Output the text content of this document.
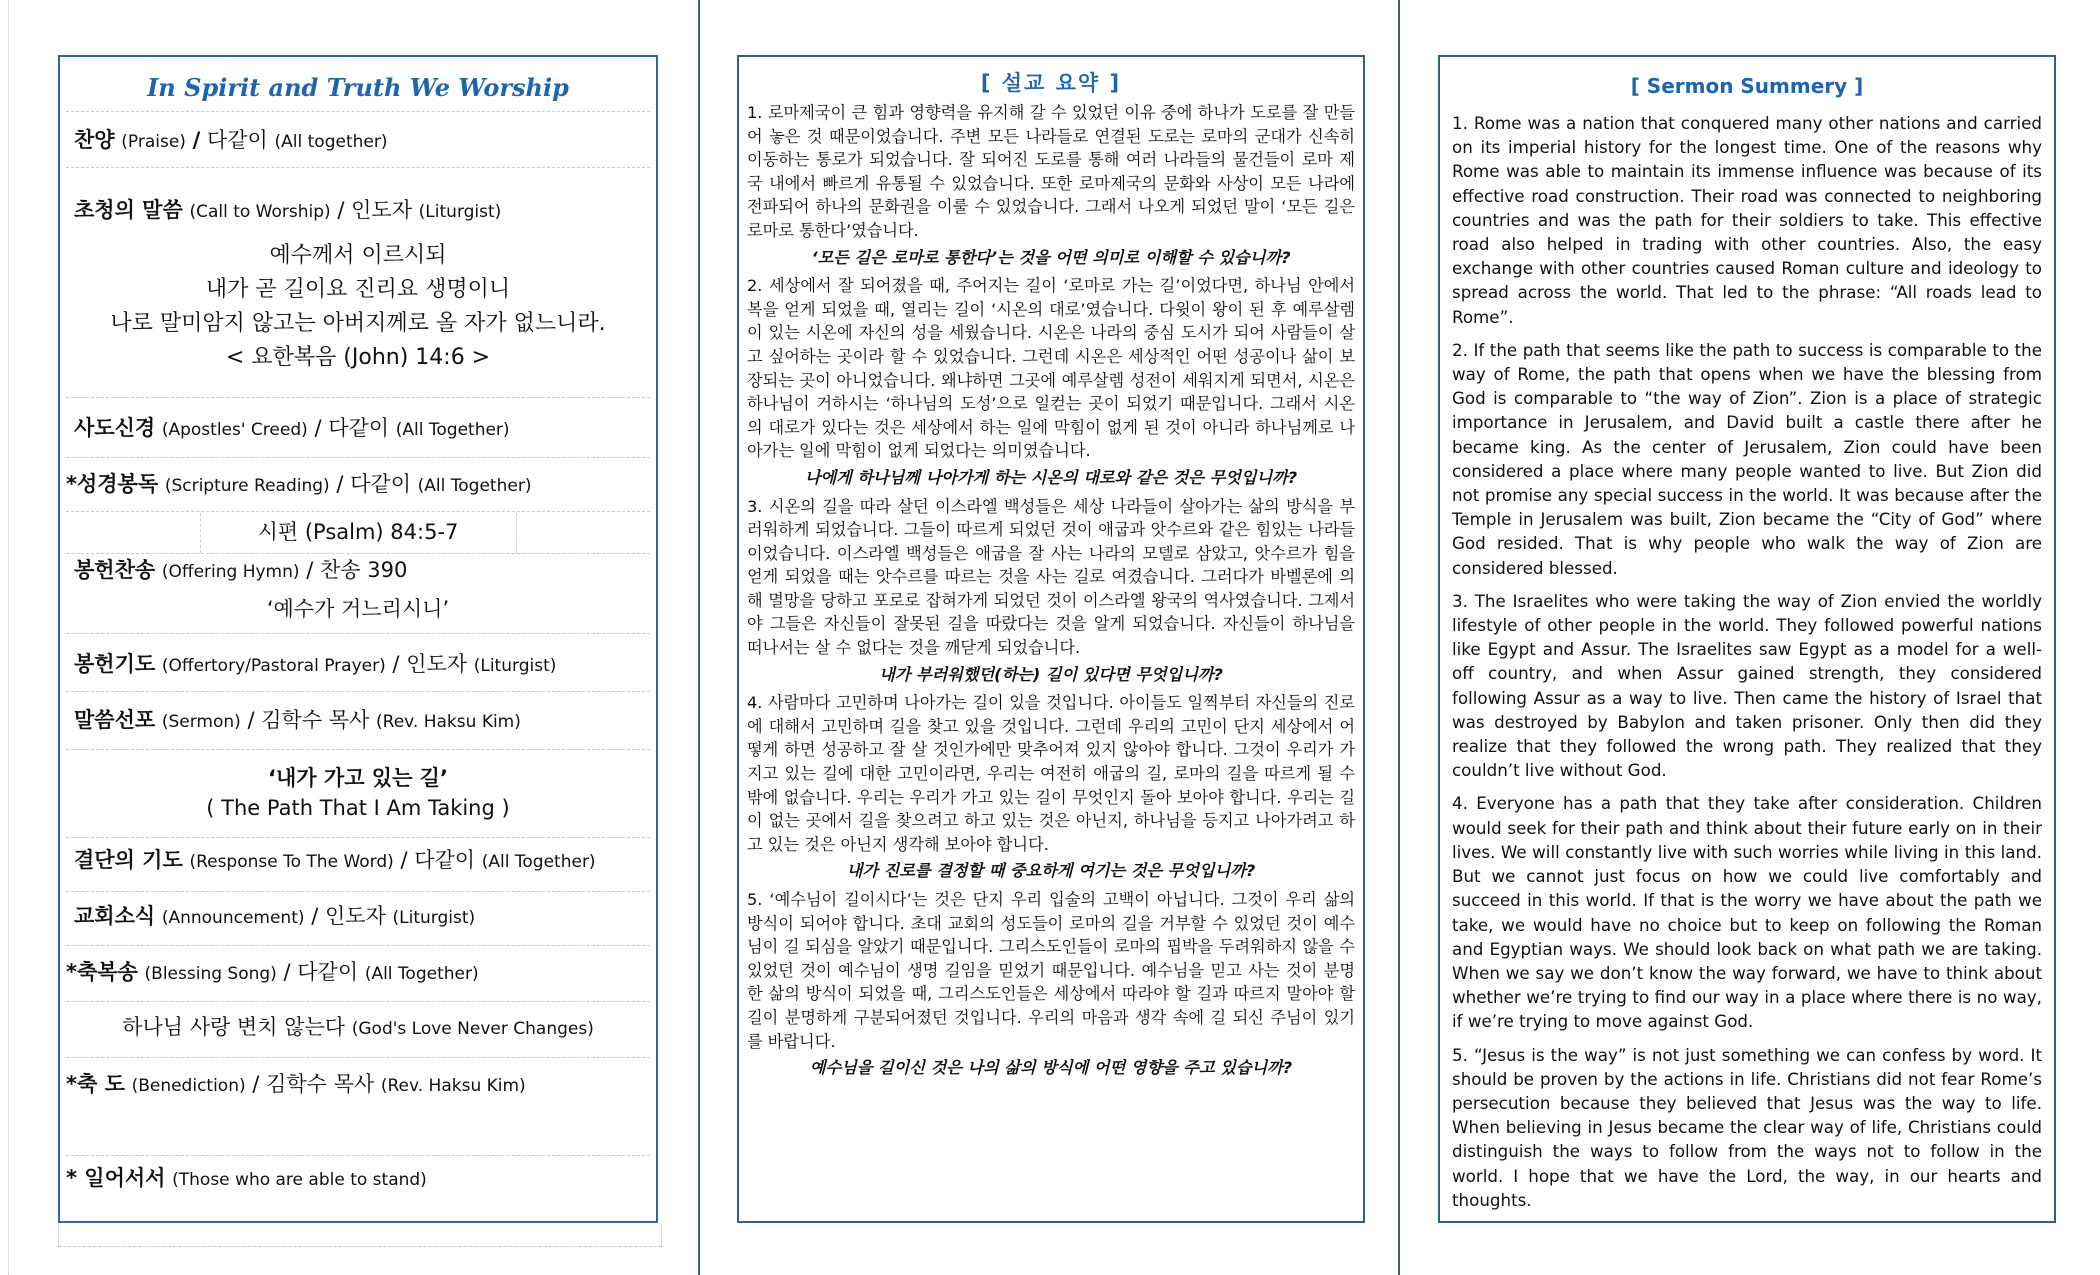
In Spirit and Truth We Worship
찬양 (Praise) / 다같이 (All together)
초청의 말씀 (Call to Worship) / 인도자 (Liturgist)
예수께서 이르시되
내가 곧 길이요 진리요 생명이니
나로 말미암지 않고는 아버지께로 올 자가 없느니라.
< 요한복음 (John) 14:6 >
사도신경 (Apostles' Creed) / 다같이 (All Together)
*성경봉독 (Scripture Reading) / 다같이 (All Together)
시편 (Psalm) 84:5-7
봉헌찬송 (Offering Hymn) / 찬송 390
‘예수가 거느리시니’
봉헌기도 (Offertory/Pastoral Prayer) / 인도자 (Liturgist)
말씀선포 (Sermon) / 김학수 목사 (Rev. Haksu Kim)
‘내가 가고 있는 길’
( The Path That I Am Taking )
결단의 기도 (Response To The Word) / 다같이 (All Together)
교회소식 (Announcement) / 인도자 (Liturgist)
*축복송 (Blessing Song) / 다같이 (All Together)
하나님 사랑 변치 않는다 (God's Love Never Changes)
*축 도 (Benediction) / 김학수 목사 (Rev. Haksu Kim)
* 일어서서 (Those who are able to stand)
[ 설교 요약 ]

1. 로마제국이 큰 힘과 영향력을 유지해 갈 수 있었던 이유 중에 하나가 도로를 잘 만들어 놓은 것 때문이었습니다. 주변 모든 나라들로 연결된 도로는 로마의 군대가 신속히 이동하는 통로가 되었습니다. 잘 되어진 도로를 통해 여러 나라들의 물건들이 로마 제국 내에서 빠르게 유통될 수 있었습니다. 또한 로마제국의 문화와 사상이 모든 나라에 전파되어 하나의 문화권을 이룰 수 있었습니다. 그래서 나오게 되었던 말이 ‘모든 길은 로마로 통한다’였습니다.

‘모든 길은 로마로 통한다’는 것을 어떤 의미로 이해할 수 있습니까?

2. 세상에서 잘 되어졌을 때, 주어지는 길이 ‘로마로 가는 길’이었다면, 하나님 안에서 복을 얻게 되었을 때, 열리는 길이 ‘시온의 대로’였습니다. 다윗이 왕이 된 후 예루살렘이 있는 시온에 자신의 성을 세웠습니다. 시온은 나라의 중심 도시가 되어 사람들이 살고 싶어하는 곳이라 할 수 있었습니다. 그런데 시온은 세상적인 어떤 성공이나 삶이 보장되는 곳이 아니었습니다. 왜냐하면 그곳에 예루살렘 성전이 세워지게 되면서, 시온은 하나님이 거하시는 ‘하나님의 도성’으로 일컫는 곳이 되었기 때문입니다. 그래서 시온의 대로가 있다는 것은 세상에서 하는 일에 막힘이 없게 된 것이 아니라 하나님께로 나아가는 일에 막힘이 없게 되었다는 의미였습니다.

나에게 하나님께 나아가게 하는 시온의 대로와 같은 것은 무엇입니까?

3. 시온의 길을 따라 살던 이스라엘 백성들은 세상 나라들이 살아가는 삶의 방식을 부러워하게 되었습니다. 그들이 따르게 되었던 것이 애굽과 앗수르와 같은 힘있는 나라들이었습니다. 이스라엘 백성들은 애굽을 잘 사는 나라의 모델로 삼았고, 앗수르가 힘을 얻게 되었을 때는 앗수르를 따르는 것을 사는 길로 여겼습니다. 그러다가 바벨론에 의해 멸망을 당하고 포로로 잡혀가게 되었던 것이 이스라엘 왕국의 역사였습니다. 그제서야 그들은 자신들이 잘못된 길을 따랐다는 것을 알게 되었습니다. 자신들이 하나님을 떠나서는 살 수 없다는 것을 깨닫게 되었습니다.

내가 부러워했던(하는) 길이 있다면 무엇입니까?

4. 사람마다 고민하며 나아가는 길이 있을 것입니다. 아이들도 일찍부터 자신들의 진로에 대해서 고민하며 길을 찾고 있을 것입니다. 그런데 우리의 고민이 단지 세상에서 어떻게 하면 성공하고 잘 살 것인가에만 맞추어져 있지 않아야 합니다. 그것이 우리가 가지고 있는 길에 대한 고민이라면, 우리는 여전히 애굽의 길, 로마의 길을 따르게 될 수밖에 없습니다. 우리는 우리가 가고 있는 길이 무엇인지 돌아 보아야 합니다. 우리는 길이 없는 곳에서 길을 찾으려고 하고 있는 것은 아닌지, 하나님을 등지고 나아가려고 하고 있는 것은 아닌지 생각해 보아야 합니다.

내가 진로를 결정할 때 중요하게 여기는 것은 무엇입니까?

5. ‘예수님이 길이시다’는 것은 단지 우리 입술의 고백이 아닙니다. 그것이 우리 삶의 방식이 되어야 합니다. 초대 교회의 성도들이 로마의 길을 거부할 수 있었던 것이 예수님이 길 되심을 알았기 때문입니다. 그리스도인들이 로마의 핍박을 두려워하지 않을 수 있었던 것이 예수님이 생명 길임을 믿었기 때문입니다. 예수님을 믿고 사는 것이 분명한 삶의 방식이 되었을 때, 그리스도인들은 세상에서 따라야 할 길과 따르지 말아야 할 길이 분명하게 구분되어졌던 것입니다. 우리의 마음과 생각 속에 길 되신 주님이 있기를 바랍니다.

예수님을 길이신 것은 나의 삶의 방식에 어떤 영향을 주고 있습니까?

[ Sermon Summery ]

1. Rome was a nation that conquered many other nations and carried on its imperial history for the longest time. One of the reasons why Rome was able to maintain its immense influence was because of its effective road construction. Their road was connected to neighboring countries and was the path for their soldiers to take. This effective road also helped in trading with other countries. Also, the easy exchange with other countries caused Roman culture and ideology to spread across the world. That led to the phrase: “All roads lead to Rome”.

2. If the path that seems like the path to success is comparable to the way of Rome, the path that opens when we have the blessing from God is comparable to “the way of Zion”. Zion is a place of strategic importance in Jerusalem, and David built a castle there after he became king. As the center of Jerusalem, Zion could have been considered a place where many people wanted to live. But Zion did not promise any special success in the world. It was because after the Temple in Jerusalem was built, Zion became the “City of God” where God resided. That is why people who walk the way of Zion are considered blessed.

3. The Israelites who were taking the way of Zion envied the worldly lifestyle of other people in the world. They followed powerful nations like Egypt and Assur. The Israelites saw Egypt as a model for a well-off country, and when Assur gained strength, they considered following Assur as a way to live. Then came the history of Israel that was destroyed by Babylon and taken prisoner. Only then did they realize that they followed the wrong path. They realized that they couldn’t live without God.

4. Everyone has a path that they take after consideration. Children would seek for their path and think about their future early on in their lives. We will constantly live with such worries while living in this land. But we cannot just focus on how we could live comfortably and succeed in this world. If that is the worry we have about the path we take, we would have no choice but to keep on following the Roman and Egyptian ways. We should look back on what path we are taking. When we say we don’t know the way forward, we have to think about whether we’re trying to find our way in a place where there is no way, if we’re trying to move against God.

5. “Jesus is the way” is not just something we can confess by word. It should be proven by the actions in life. Christians did not fear Rome’s persecution because they believed that Jesus was the way to life. When believing in Jesus became the clear way of life, Christians could distinguish the ways to follow from the ways not to follow in the world. I hope that we have the Lord, the way, in our hearts and thoughts.
